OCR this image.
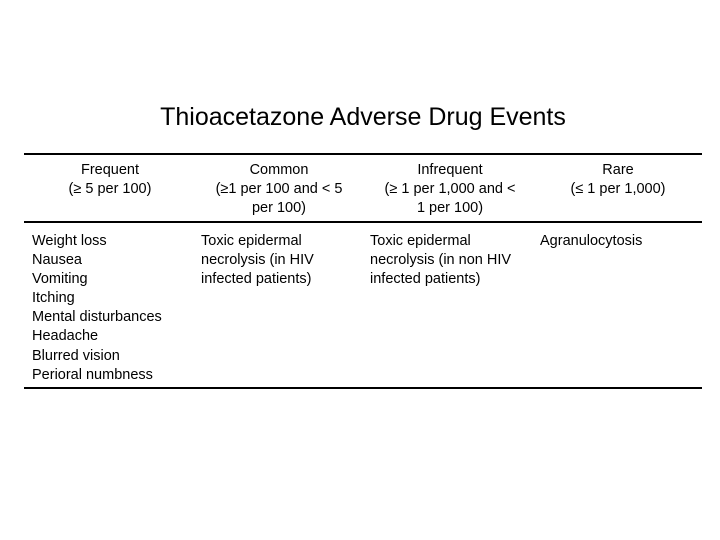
Thioacetazone Adverse Drug Events
Frequent
(≥ 5 per 100)
Common
(≥1 per 100 and < 5
per 100)
Infrequent
(≥ 1 per 1,000 and <
1 per 100)
Rare
(≤ 1 per 1,000)
Weight loss
Nausea
Vomiting
Itching
Mental disturbances
Headache
Blurred vision
Perioral numbness
Toxic epidermal
necrolysis (in HIV
infected patients)
Toxic epidermal
necrolysis (in non HIV
infected patients)
Agranulocytosis
